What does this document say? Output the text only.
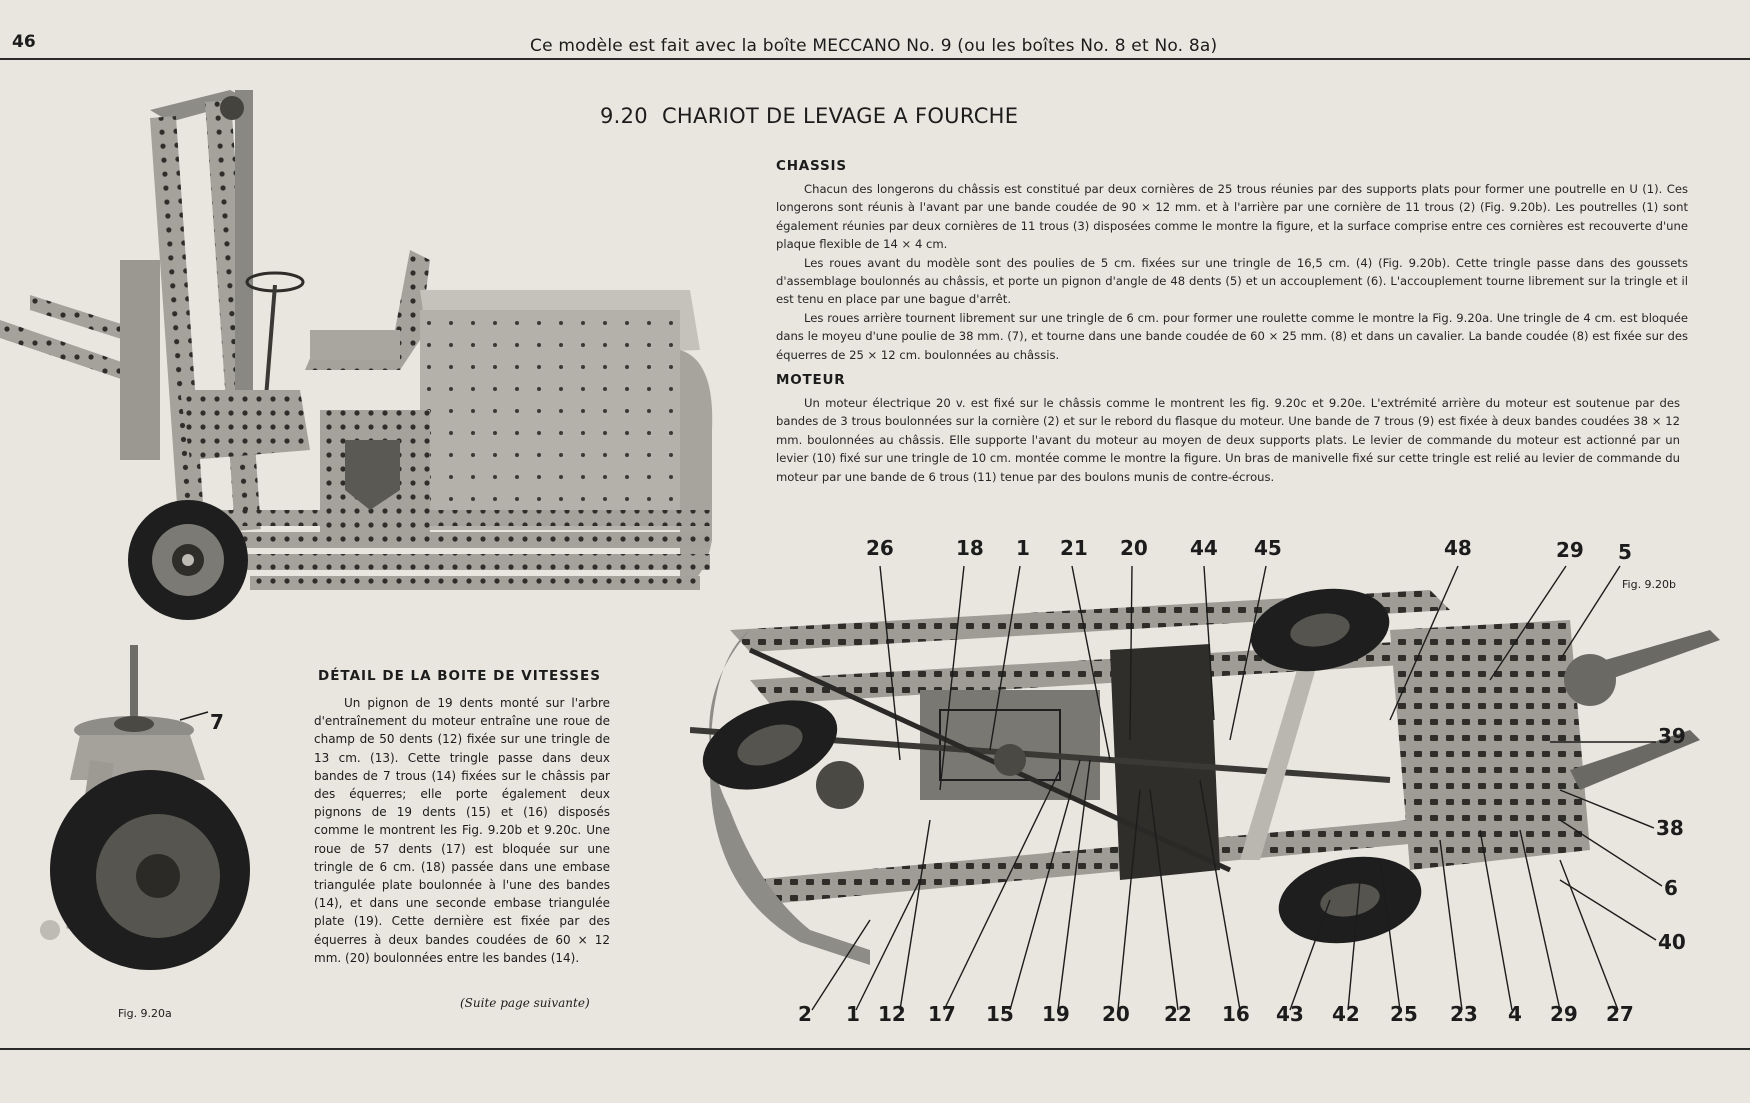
46	Ce modèle est fait avec la boîte MECCANO No. 9 (ou les boîtes No. 8 et No. 8a)
9.20 CHARIOT DE LEVAGE A FOURCHE
CHASSIS

Chacun des longerons du châssis est constitué par deux cornières de 25 trous réunies par des supports plats pour former une poutrelle en U (1). Ces longerons sont réunis à l'avant par une bande coudée de 90 × 12 mm. et à l'arrière par une cornière de 11 trous (2) (Fig. 9.20b). Les poutrelles (1) sont également réunies par deux cornières de 11 trous (3) disposées comme le montre la figure, et la surface comprise entre ces cornières est recouverte d'une plaque flexible de 14 × 4 cm.

Les roues avant du modèle sont des poulies de 5 cm. fixées sur une tringle de 16,5 cm. (4) (Fig. 9.20b). Cette tringle passe dans des goussets d'assemblage boulonnés au châssis, et porte un pignon d'angle de 48 dents (5) et un accouplement (6). L'accouplement tourne librement sur la tringle et il est tenu en place par une bague d'arrêt.

Les roues arrière tournent librement sur une tringle de 6 cm. pour former une roulette comme le montre la Fig. 9.20a. Une tringle de 4 cm. est bloquée dans le moyeu d'une poulie de 38 mm. (7), et tourne dans une bande coudée de 60 × 25 mm. (8) et dans un cavalier. La bande coudée (8) est fixée sur des équerres de 25 × 12 cm. boulonnées au châssis.

MOTEUR

Un moteur électrique 20 v. est fixé sur le châssis comme le montrent les fig. 9.20c et 9.20e. L'extrémité arrière du moteur est soutenue par des bandes de 3 trous boulonnées sur la cornière (2) et sur le rebord du flasque du moteur. Une bande de 7 trous (9) est fixée à deux bandes coudées 38 × 12 mm. boulonnées au châssis. Elle supporte l'avant du moteur au moyen de deux supports plats. Le levier de commande du moteur est actionné par un levier (10) fixé sur une tringle de 10 cm. montée comme le montre la figure. Un bras de manivelle fixé sur cette tringle est relié au levier de commande du moteur par une bande de 6 trous (11) tenue par des boulons munis de contre-écrous.

DÉTAIL DE LA BOITE DE VITESSES

Un pignon de 19 dents monté sur l'arbre d'entraînement du moteur entraîne une roue de champ de 50 dents (12) fixée sur une tringle de 13 cm. (13). Cette tringle passe dans deux bandes de 7 trous (14) fixées sur le châssis par des équerres; elle porte également deux pignons de 19 dents (15) et (16) disposés comme le montrent les Fig. 9.20b et 9.20c. Une roue de 57 dents (17) est bloquée sur une tringle de 6 cm. (18) passée dans une embase triangulée plate boulonnée à l'une des bandes (14), et dans une seconde embase triangulée plate (19). Cette dernière est fixée par des équerres à deux bandes coudées de 60 × 12 mm. (20) boulonnées entre les bandes (14).

(Suite page suivante)
7
Fig. 9.20a
Fig. 9.20b
26	18 1 21 20 44 45	48	29 5
39
38
6
40
2 1 12 17 15 19 20 22 16 43 42 25 23 4 29 27
